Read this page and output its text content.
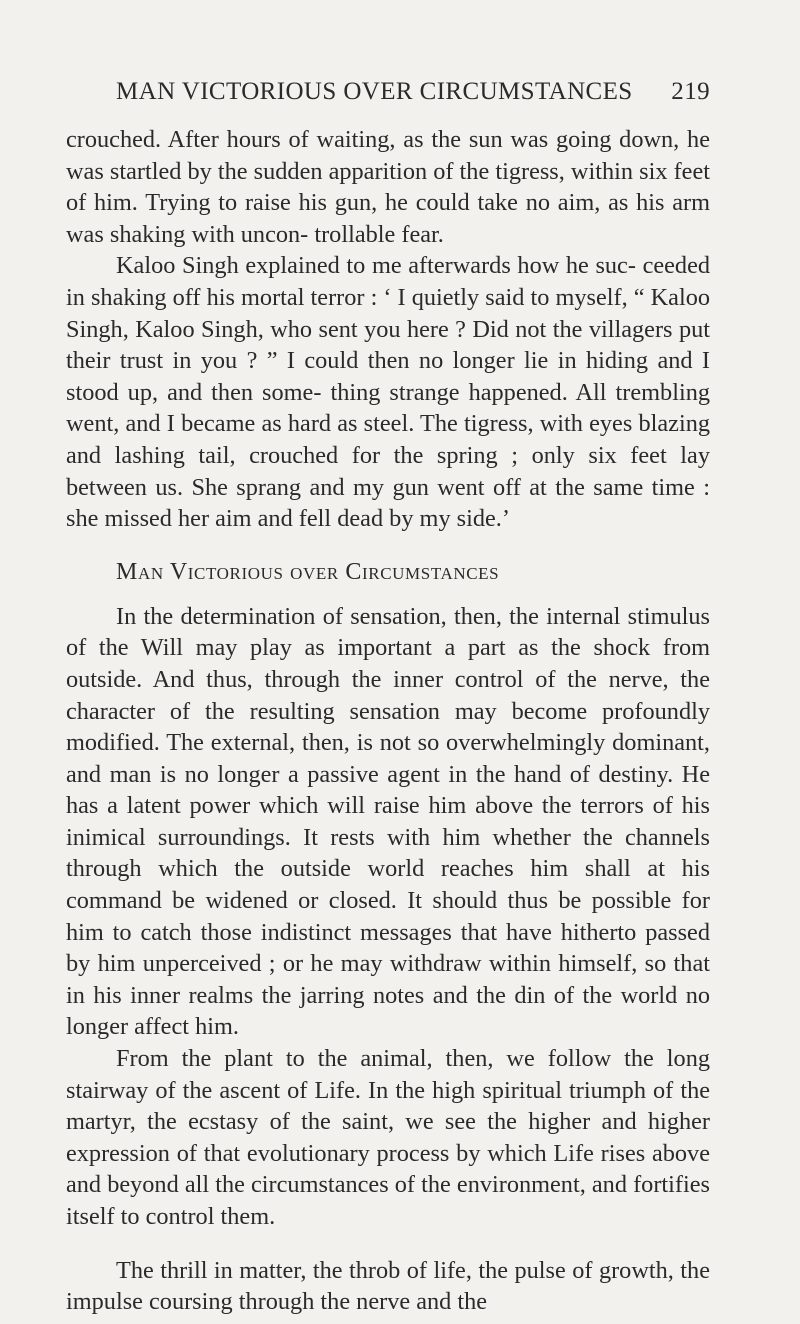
MAN VICTORIOUS OVER CIRCUMSTANCES 219

crouched. After hours of waiting, as the sun was going down, he was startled by the sudden apparition of the tigress, within six feet of him. Trying to raise his gun, he could take no aim, as his arm was shaking with uncon- trollable fear.

Kaloo Singh explained to me afterwards how he suc- ceeded in shaking off his mortal terror : ‘ I quietly said to myself, “ Kaloo Singh, Kaloo Singh, who sent you here ? Did not the villagers put their trust in you ? ” I could then no longer lie in hiding and I stood up, and then some- thing strange happened. All trembling went, and I became as hard as steel. The tigress, with eyes blazing and lashing tail, crouched for the spring ; only six feet lay between us. She sprang and my gun went off at the same time : she missed her aim and fell dead by my side.’

Man Victorious over Circumstances

In the determination of sensation, then, the internal stimulus of the Will may play as important a part as the shock from outside. And thus, through the inner control of the nerve, the character of the resulting sensation may become profoundly modified. The external, then, is not so overwhelmingly dominant, and man is no longer a passive agent in the hand of destiny. He has a latent power which will raise him above the terrors of his inimical surroundings. It rests with him whether the channels through which the outside world reaches him shall at his command be widened or closed. It should thus be possible for him to catch those indistinct messages that have hitherto passed by him unperceived ; or he may withdraw within himself, so that in his inner realms the jarring notes and the din of the world no longer affect him.

From the plant to the animal, then, we follow the long stairway of the ascent of Life. In the high spiritual triumph of the martyr, the ecstasy of the saint, we see the higher and higher expression of that evolutionary process by which Life rises above and beyond all the circumstances of the environment, and fortifies itself to control them.

The thrill in matter, the throb of life, the pulse of growth, the impulse coursing through the nerve and the
